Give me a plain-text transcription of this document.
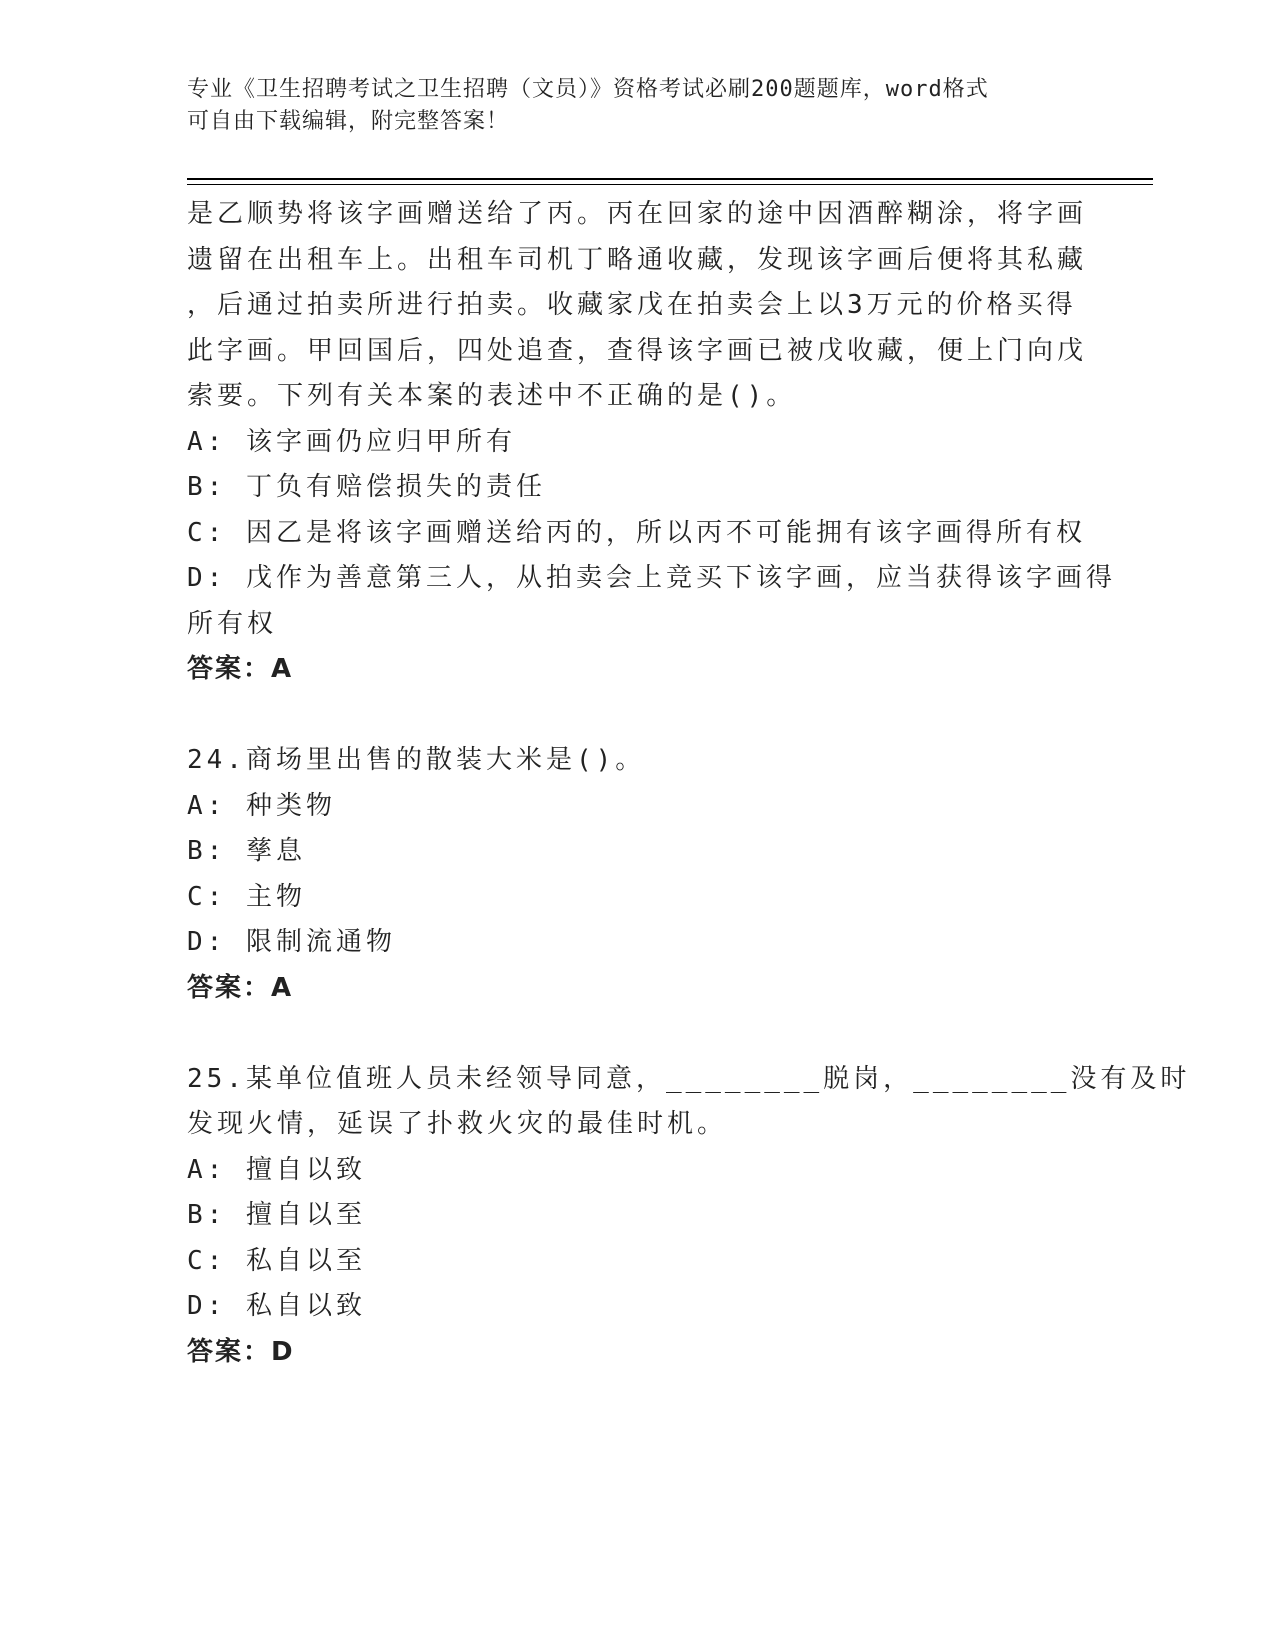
专业《卫生招聘考试之卫生招聘（文员）》资格考试必刷200题题库，word格式
可自由下载编辑，附完整答案！
是乙顺势将该字画赠送给了丙。丙在回家的途中因酒醉糊涂，将字画
遗留在出租车上。出租车司机丁略通收藏，发现该字画后便将其私藏
，后通过拍卖所进行拍卖。收藏家戊在拍卖会上以3万元的价格买得
此字画。甲回国后，四处追查，查得该字画已被戊收藏，便上门向戊
索要。下列有关本案的表述中不正确的是()。
A: 该字画仍应归甲所有
B: 丁负有赔偿损失的责任
C: 因乙是将该字画赠送给丙的，所以丙不可能拥有该字画得所有权
D: 戊作为善意第三人，从拍卖会上竞买下该字画，应当获得该字画得
所有权
答案：A
24.商场里出售的散装大米是()。
A: 种类物
B: 孳息
C: 主物
D: 限制流通物
答案：A
25.某单位值班人员未经领导同意，________脱岗，________没有及时
发现火情，延误了扑救火灾的最佳时机。
A: 擅自以致
B: 擅自以至
C: 私自以至
D: 私自以致
答案：D
